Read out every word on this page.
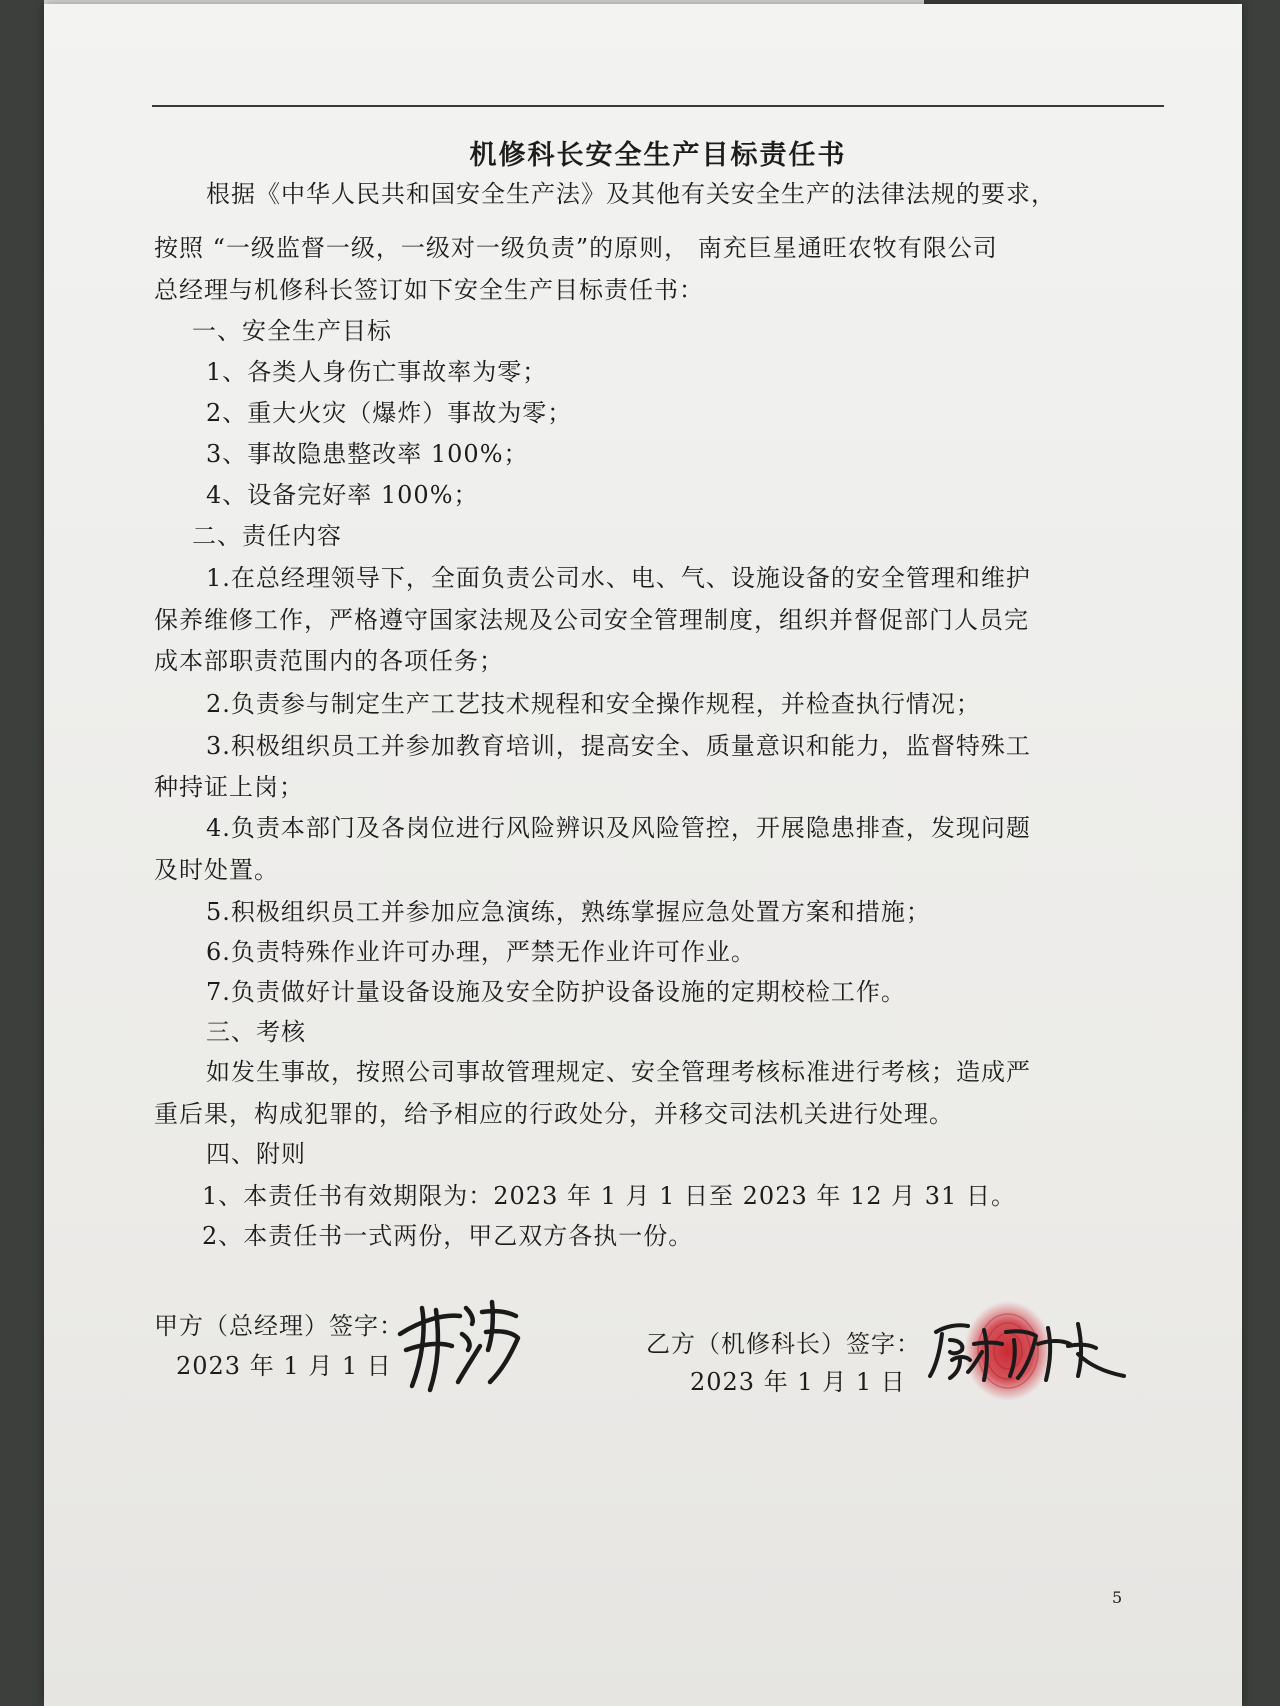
机修科长安全生产目标责任书
根据《中华人民共和国安全生产法》及其他有关安全生产的法律法规的要求，
按照 “一级监督一级，一级对一级负责”的原则， 南充巨星通旺农牧有限公司
总经理与机修科长签订如下安全生产目标责任书：
一、安全生产目标
1、各类人身伤亡事故率为零；
2、重大火灾（爆炸）事故为零；
3、事故隐患整改率 100%；
4、设备完好率 100%；
二、责任内容
1.在总经理领导下，全面负责公司水、电、气、设施设备的安全管理和维护
保养维修工作，严格遵守国家法规及公司安全管理制度，组织并督促部门人员完
成本部职责范围内的各项任务；
2.负责参与制定生产工艺技术规程和安全操作规程，并检查执行情况；
3.积极组织员工并参加教育培训，提高安全、质量意识和能力，监督特殊工
种持证上岗；
4.负责本部门及各岗位进行风险辨识及风险管控，开展隐患排查，发现问题
及时处置。
5.积极组织员工并参加应急演练，熟练掌握应急处置方案和措施；
6.负责特殊作业许可办理，严禁无作业许可作业。
7.负责做好计量设备设施及安全防护设备设施的定期校检工作。
三、考核
如发生事故，按照公司事故管理规定、安全管理考核标准进行考核；造成严
重后果，构成犯罪的，给予相应的行政处分，并移交司法机关进行处理。
四、附则
1、本责任书有效期限为：2023 年 1 月 1 日至 2023 年 12 月 31 日。
2、本责任书一式两份，甲乙双方各执一份。
甲方（总经理）签字：
2023 年 1 月 1 日
乙方（机修科长）签字：
2023 年 1 月 1 日
5
